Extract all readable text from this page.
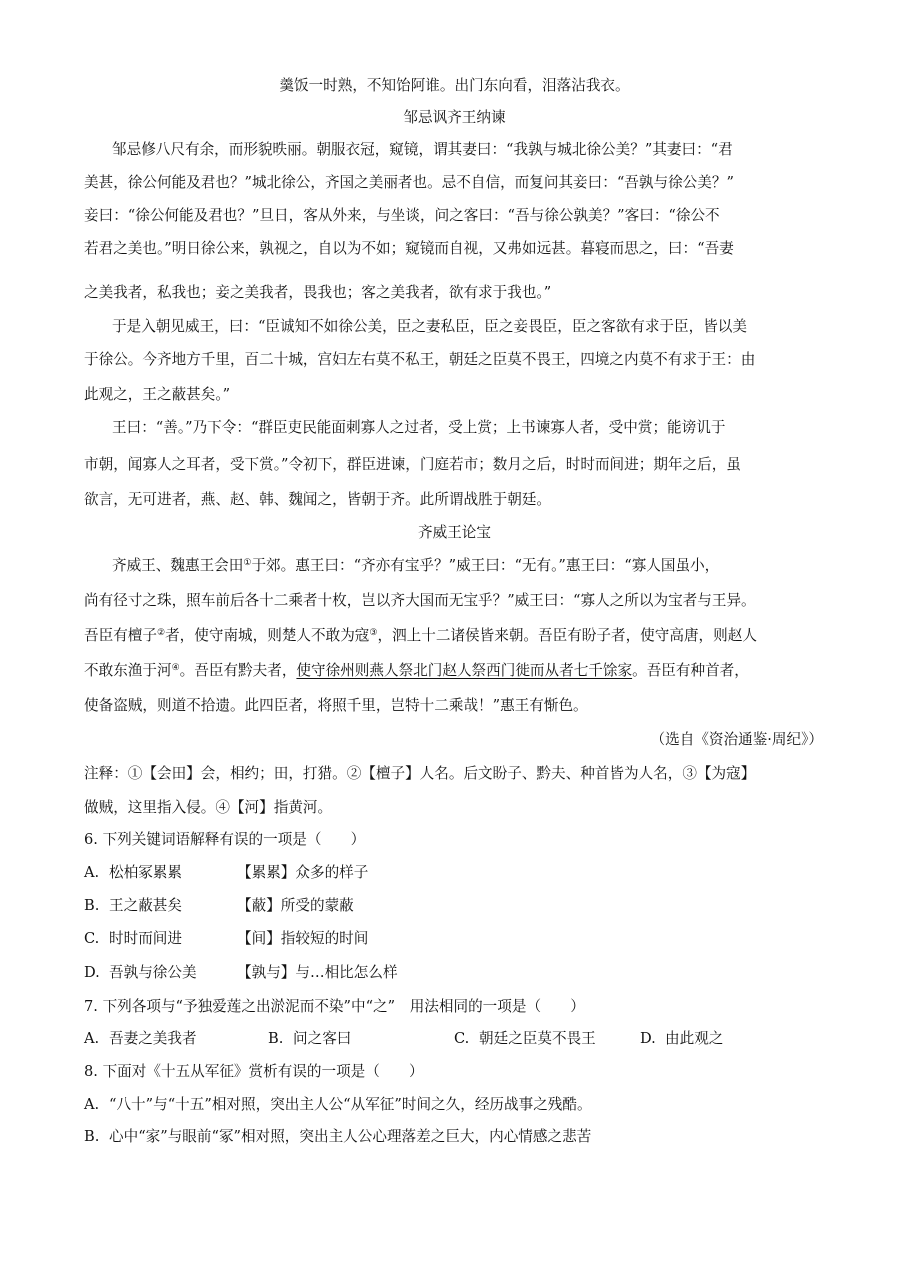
羹饭一时熟，不知饴阿谁。出门东向看，泪落沾我衣。
邹忌讽齐王纳谏
邹忌修八尺有余，而形貌昳丽。朝服衣冠，窥镜，谓其妻曰：“我孰与城北徐公美？”其妻曰：“君
美甚，徐公何能及君也？”城北徐公，齐国之美丽者也。忌不自信，而复问其妾曰：“吾孰与徐公美？”
妾曰：“徐公何能及君也？”旦日，客从外来，与坐谈，问之客曰：“吾与徐公孰美？”客曰：“徐公不
若君之美也。”明日徐公来，孰视之，自以为不如；窥镜而自视，又弗如远甚。暮寝而思之，曰：“吾妻
之美我者，私我也；妾之美我者，畏我也；客之美我者，欲有求于我也。”
于是入朝见威王，曰：“臣诚知不如徐公美，臣之妻私臣，臣之妾畏臣，臣之客欲有求于臣，皆以美
于徐公。今齐地方千里，百二十城，宫妇左右莫不私王，朝廷之臣莫不畏王，四境之内莫不有求于王：由
此观之，王之蔽甚矣。”
王曰：“善。”乃下令：“群臣吏民能面刺寡人之过者，受上赏；上书谏寡人者，受中赏；能谤讥于
市朝，闻寡人之耳者，受下赏。”令初下，群臣进谏，门庭若市；数月之后，时时而间进；期年之后，虽
欲言，无可进者，燕、赵、韩、魏闻之，皆朝于齐。此所谓战胜于朝廷。
齐威王论宝
齐威王、魏惠王会田①于郊。惠王曰：“齐亦有宝乎？”威王曰：“无有。”惠王曰：“寡人国虽小，
尚有径寸之珠，照车前后各十二乘者十枚，岂以齐大国而无宝乎？”威王曰：“寡人之所以为宝者与王异。
吾臣有檀子②者，使守南城，则楚人不敢为寇③，泗上十二诸侯皆来朝。吾臣有盼子者，使守高唐，则赵人
不敢东渔于河④。吾臣有黔夫者，使守徐州则燕人祭北门赵人祭西门徙而从者七千馀家。吾臣有种首者，
使备盗贼，则道不拾遗。此四臣者，将照千里，岂特十二乘哉！”惠王有惭色。
（选自《资治通鉴·周纪》）
注释：①【会田】会，相约；田，打猎。②【檀子】人名。后文盼子、黔夫、种首皆为人名，③【为寇】
做贼，这里指入侵。④【河】指黄河。
6. 下列关键词语解释有误的一项是（　　）
A. 松柏冢累累	【累累】众多的样子
B. 王之蔽甚矣	【蔽】所受的蒙蔽
C. 时时而间进	【间】指较短的时间
D. 吾孰与徐公美	【孰与】与…相比怎么样
7. 下列各项与“予独爱莲之出淤泥而不染”中“之”　用法相同的一项是（　　）
A. 吾妻之美我者	B. 问之客曰	C. 朝廷之臣莫不畏王	D. 由此观之
8. 下面对《十五从军征》赏析有误的一项是（　　）
A. “八十”与“十五”相对照，突出主人公“从军征”时间之久，经历战事之残酷。
B. 心中“家”与眼前“冢”相对照，突出主人公心理落差之巨大，内心情感之悲苦
